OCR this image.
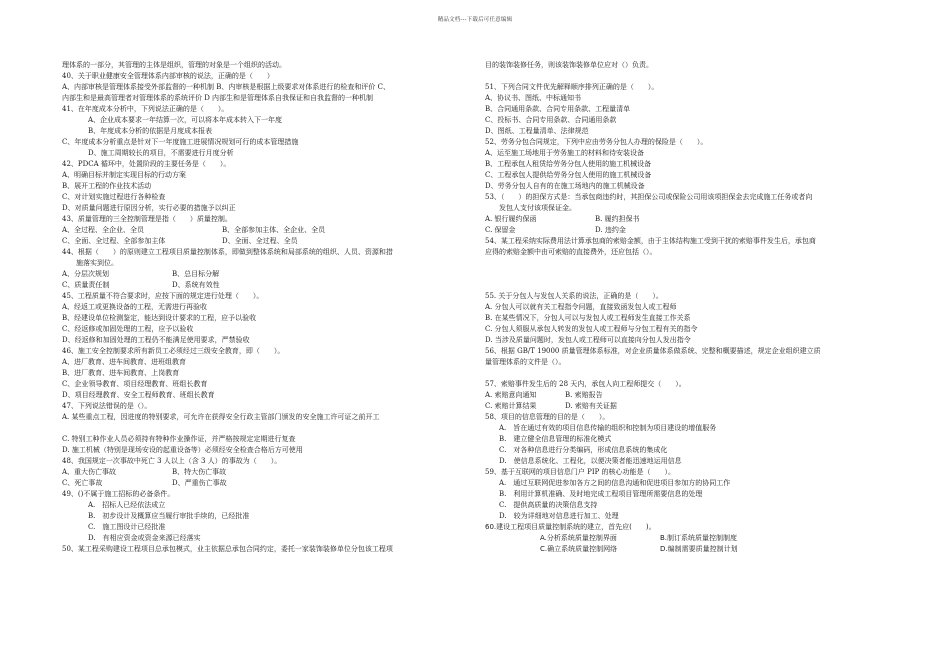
精品文档---下载后可任意编辑
理体系的一部分，其管理的主体是组织，管理的对象是一个组织的活动。
40、关于职业健康安全管理体系内部审核的说法，正确的是（　　）
A、内部审核是管理体系接受外部监督的一种机制 B、内审核是根据上级要求对体系进行的检查和评价 C、
内部生和是最高管理者对管理体系的系统评价 D 内部生和是管理体系自我保证和自我监督的一种机制
41、在年度成本分析中，下列说法正确的是（　　）。
A、企业成本要求一年结算一次，可以将本年成本转入下一年度
B、年度成本分析的依据是月度成本报表
C、年度成本分析重点是针对下一年度施工进展情况规划可行的成本管理措施
D、施工周期较长的项目，不需要进行月度分析
42、PDCA 循环中，处置阶段的主要任务是（　　）。
A、明确目标并制定实现目标的行动方案
B、展开工程的作业技术活动
C、对计划实施过程进行各种检查
D、对质量问题进行原因分析，实行必要的措施予以纠正
43、质量管理的三全控制管理是指（　　）质量控制。
A、全过程、全企业、全员	B、全部参加主体、全企业、全员
C、全面、全过程、全部参加主体	D、全面、全过程、全员
44、根据（　　）的原则建立工程项目质量控制体系，即做到整体系统和局部系统的组织、人员、资源和措
施落实到位。
A、分层次规划	B、总目标分解
C、质量责任制	D、系统有效性
45、工程质量不符合要求时，应按下面的规定进行处理（　　）。
A、经返工或更换设备的工程，无需进行再验收
B、经建设单位检测鉴定，能达到设计要求的工程，应予以验收
C、经返修或加固处理的工程，应予以验收
D、经返修和加固处理的工程仍不能满足使用要求，严禁验收
46、施工安全控制要求所有新员工必须经过三级安全教育，即（　　）。
A、进厂教育、进车间教育、进班组教育
B、进厂教育、进车间教育、上岗教育
C、企业领导教育、项目经理教育、班组长教育
D、项目经理教育、安全工程师教育、班组长教育
47、下列说法错误的是（）。
A. 某些重点工程，因进度的特别要求，可允许在获得安全行政主管部门颁发的安全施工许可证之前开工
C. 特别工种作业人员必须持有特种作业操作证，并严格按规定定期进行复查
D. 施工机械（特别是现场安设的起重设备等）必须经安全检查合格后方可使用
48、我国规定一次事故中死亡 3 人以上（含 3 人）的事故为（　　）。
A、重大伤亡事故	B、特大伤亡事故
C、死亡事故	D、严重伤亡事故
49、()不属于施工招标的必备条件。
A.　招标人已经依法成立
B.　初步设计及概算应当履行审批手续的，已经批准
C.　施工图设计已经批准
D.　有相应资金或资金来源已经落实
50、某工程采购建设工程项目总承包模式，业主依据总承包合同约定，委托一家装饰装修单位分包该工程项
目的装饰装修任务，则该装饰装修单位应对（）负责。
51、下列合同文件优先解释顺序排列正确的是（　　）。
A、协议书、图纸、中标通知书
B、合同通用条款、合同专用条款、工程量清单
C、投标书、合同专用条款、合同通用条款
D、图纸、工程量清单、法律规范
52、劳务分包合同规定，下列中应由劳务分包人办理的保险是（　　）。
A、运至施工场地用于劳务施工的材料和待安装设备
B、工程承包人租赁给劳务分包人使用的施工机械设备
C、工程承包人提供给劳务分包人使用的施工机械设备
D、劳务分包人自有的在施工场地内的施工机械设备
53、（　　）的担保方式是：当承包商违约时，其担保公司或保险公司用该项担保金去完成施工任务或者向
发包人支付该项保证金。
A. 银行履约保函	B. 履约担保书
C. 保留金	D. 违约金
54、某工程采纳实际费用法计算承包商的索赔金额，由于主体结构施工受到干扰的索赔事件发生后，承包商
应得的索赔金额中由可索赔的直接费外，还应包括（）。
55. 关于分包人与发包人关系的说法，正确的是（　　）。
A. 分包人可以就有关工程指令问题，直接致函发包人或工程师
B. 在某些情况下，分包人可以与发包人或工程师发生直接工作关系
C. 分包人须服从承包人转发的发包人或工程师与分包工程有关的指令
D. 当涉及质量问题时，发包人或工程师可以直接向分包人发出指令
56、根据 GB/T 19000 质量管理体系标准，对企业质量体系做系统、完整和概要描述，规定企业组织建立质
量管理体系的文件是（）。
57、索赔事件发生后的 28 天内，承包人向工程师提交（　　）。
A. 索赔意向通知	B. 索赔报告
C. 索赔计算结果	D. 索赔有关证据
58、项目的信息管理的目的是（　　）。
A.　旨在通过有效的项目信息传输的组织和控制为项目建设的增值服务
B.　建立健全信息管理的标准化模式
C.　对各种信息进行分类编码，形成信息系统的集成化
D.　使信息系统化、工程化，以便决策者能迅速地运用信息
59、基于互联网的项目信息门户 PIP 的核心功能是（　　）。
A.　通过互联网促进参加各方之间的信息沟通和促进项目参加方的协同工作
B.　利用计算机准确、及时地完成工程项目管理所需要信息的处理
C.　提供高质量的决策信息支持
D.　较为详细地对信息进行加工、处理
60.建设工程项目质量控制系统的建立，首先应(　　)。
A.分析系统质量控制界面	B.制订系统质量控制制度
C.确立系统质量控制网络	D.编制需要质量控制计划
